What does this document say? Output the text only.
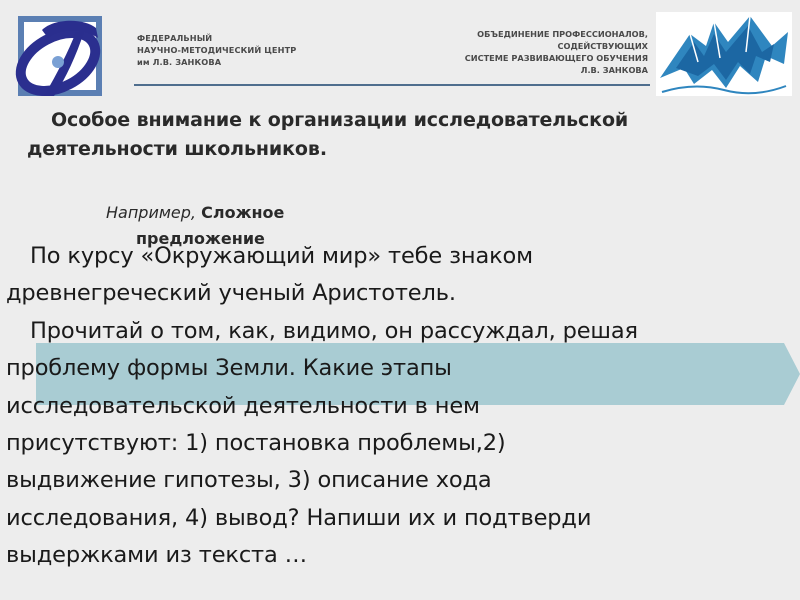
ФЕДЕРАЛЬНЫЙ
НАУЧНО-МЕТОДИЧЕСКИЙ ЦЕНТР
им Л.В. ЗАНКОВА
ОБЪЕДИНЕНИЕ ПРОФЕССИОНАЛОВ,
СОДЕЙСТВУЮЩИХ
СИСТЕМЕ РАЗВИВАЮЩЕГО ОБУЧЕНИЯ
Л.В. ЗАНКОВА
Особое внимание к организации исследовательской
деятельности школьников.
Например, Сложное
предложение
По курсу «Окружающий мир» тебе знаком
древнегреческий ученый Аристотель.
Прочитай о том, как, видимо, он рассуждал, решая
проблему формы Земли. Какие этапы
исследовательской деятельности в нем
присутствуют: 1) постановка проблемы,2)
выдвижение гипотезы, 3) описание хода
исследования, 4) вывод? Напиши их и подтверди
выдержками из текста …
